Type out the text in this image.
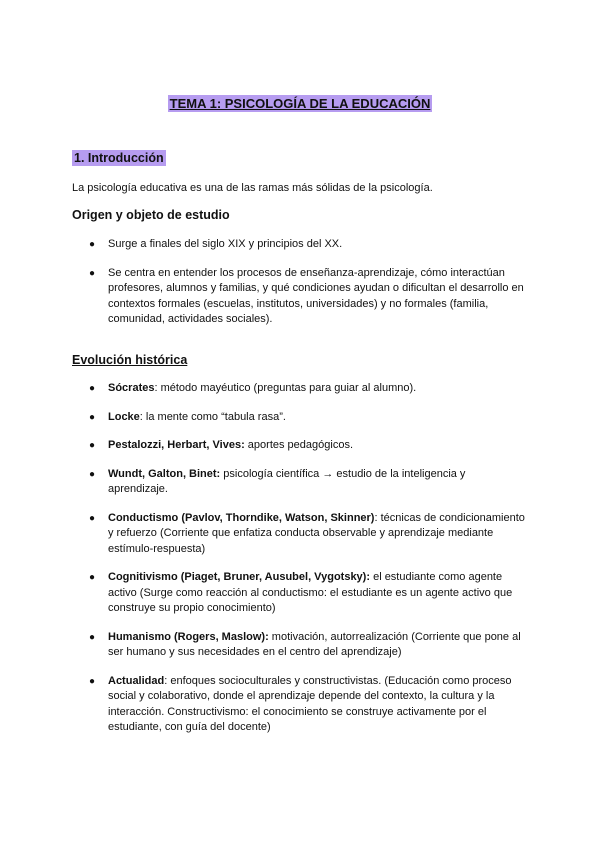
TEMA 1: PSICOLOGÍA DE LA EDUCACIÓN
1. Introducción
La psicología educativa es una de las ramas más sólidas de la psicología.
Origen y objeto de estudio
● Surge a finales del siglo XIX y principios del XX.
● Se centra en entender los procesos de enseñanza-aprendizaje, cómo interactúan profesores, alumnos y familias, y qué condiciones ayudan o dificultan el desarrollo en contextos formales (escuelas, institutos, universidades) y no formales (familia, comunidad, actividades sociales).
Evolución histórica
● Sócrates: método mayéutico (preguntas para guiar al alumno).
● Locke: la mente como “tabula rasa”.
● Pestalozzi, Herbart, Vives: aportes pedagógicos.
● Wundt, Galton, Binet: psicología científica → estudio de la inteligencia y aprendizaje.
● Conductismo (Pavlov, Thorndike, Watson, Skinner): técnicas de condicionamiento y refuerzo (Corriente que enfatiza conducta observable y aprendizaje mediante estímulo-respuesta)
● Cognitivismo (Piaget, Bruner, Ausubel, Vygotsky): el estudiante como agente activo (Surge como reacción al conductismo: el estudiante es un agente activo que construye su propio conocimiento)
● Humanismo (Rogers, Maslow): motivación, autorrealización (Corriente que pone al ser humano y sus necesidades en el centro del aprendizaje)
● Actualidad: enfoques socioculturales y constructivistas. (Educación como proceso social y colaborativo, donde el aprendizaje depende del contexto, la cultura y la interacción. Constructivismo: el conocimiento se construye activamente por el estudiante, con guía del docente)
